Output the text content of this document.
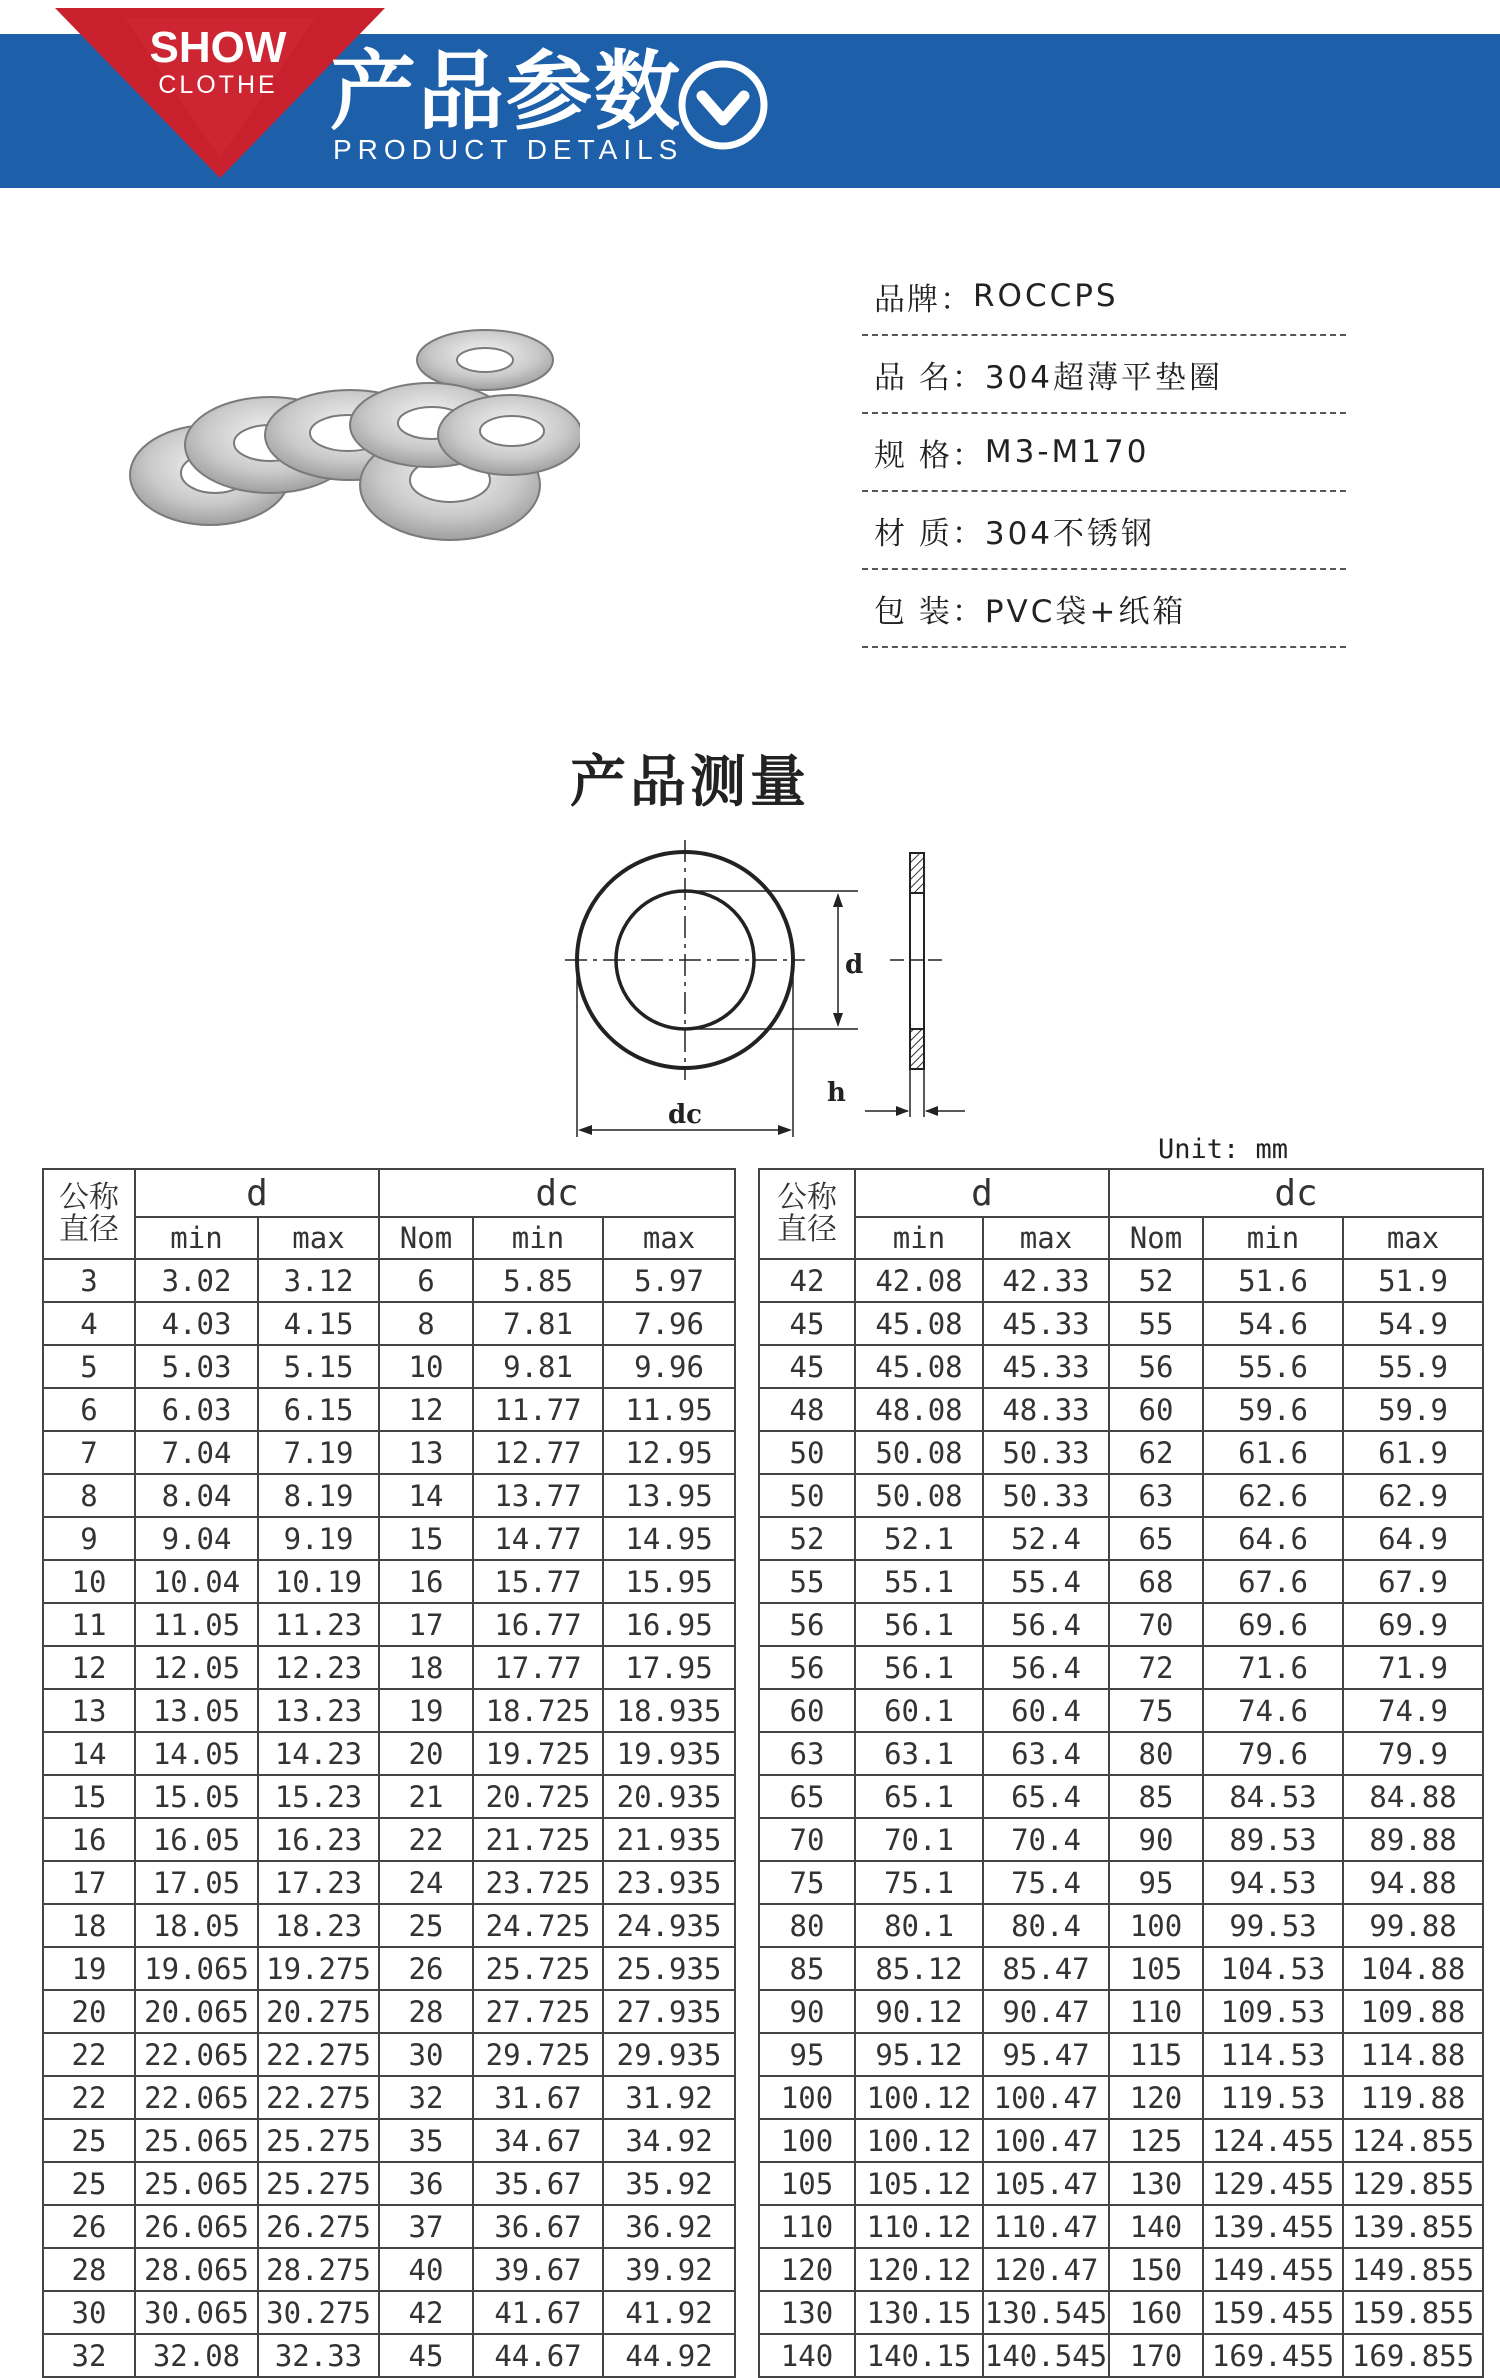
SHOW
CLOTHE 产品参数
PRODUCT DETAILS
品牌： ROCCPS
品 名： 304超薄平垫圈
规 格： M3-M170
材 质： 304不锈钢
包 装： PVC袋+纸箱
产品测量
d
dc
h
Unit: mm
公称
直径	d		dc		
	min	max	Nom	min	max
3	3.02	3.12	6	5.85	5.97
4	4.03	4.15	8	7.81	7.96
5	5.03	5.15	10	9.81	9.96
6	6.03	6.15	12	11.77	11.95
7	7.04	7.19	13	12.77	12.95
8	8.04	8.19	14	13.77	13.95
9	9.04	9.19	15	14.77	14.95
10	10.04	10.19	16	15.77	15.95
11	11.05	11.23	17	16.77	16.95
12	12.05	12.23	18	17.77	17.95
13	13.05	13.23	19	18.725	18.935
14	14.05	14.23	20	19.725	19.935
15	15.05	15.23	21	20.725	20.935
16	16.05	16.23	22	21.725	21.935
17	17.05	17.23	24	23.725	23.935
18	18.05	18.23	25	24.725	24.935
19	19.065	19.275	26	25.725	25.935
20	20.065	20.275	28	27.725	27.935
22	22.065	22.275	30	29.725	29.935
22	22.065	22.275	32	31.67	31.92
25	25.065	25.275	35	34.67	34.92
25	25.065	25.275	36	35.67	35.92
26	26.065	26.275	37	36.67	36.92
28	28.065	28.275	40	39.67	39.92
30	30.065	30.275	42	41.67	41.92
32	32.08	32.33	45	44.67	44.92
公称
直径	d		dc		
	min	max	Nom	min	max
42	42.08	42.33	52	51.6	51.9
45	45.08	45.33	55	54.6	54.9
45	45.08	45.33	56	55.6	55.9
48	48.08	48.33	60	59.6	59.9
50	50.08	50.33	62	61.6	61.9
50	50.08	50.33	63	62.6	62.9
52	52.1	52.4	65	64.6	64.9
55	55.1	55.4	68	67.6	67.9
56	56.1	56.4	70	69.6	69.9
56	56.1	56.4	72	71.6	71.9
60	60.1	60.4	75	74.6	74.9
63	63.1	63.4	80	79.6	79.9
65	65.1	65.4	85	84.53	84.88
70	70.1	70.4	90	89.53	89.88
75	75.1	75.4	95	94.53	94.88
80	80.1	80.4	100	99.53	99.88
85	85.12	85.47	105	104.53	104.88
90	90.12	90.47	110	109.53	109.88
95	95.12	95.47	115	114.53	114.88
100	100.12	100.47	120	119.53	119.88
100	100.12	100.47	125	124.455	124.855
105	105.12	105.47	130	129.455	129.855
110	110.12	110.47	140	139.455	139.855
120	120.12	120.47	150	149.455	149.855
130	130.15	130.545	160	159.455	159.855
140	140.15	140.545	170	169.455	169.855
